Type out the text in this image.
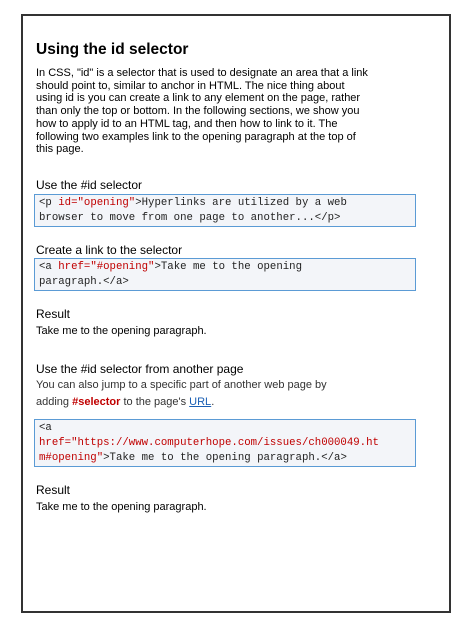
Using the id selector
In CSS, "id" is a selector that is used to designate an area that a link
should point to, similar to anchor in HTML. The nice thing about
using id is you can create a link to any element on the page, rather
than only the top or bottom. In the following sections, we show you
how to apply id to an HTML tag, and then how to link to it. The
following two examples link to the opening paragraph at the top of
this page.
Use the #id selector
<p id="opening">Hyperlinks are utilized by a web
browser to move from one page to another...</p>
Create a link to the selector
<a href="#opening">Take me to the opening
paragraph.</a>
Result

Take me to the opening paragraph.

Use the #id selector from another page

You can also jump to a specific part of another web page by

adding #selector to the page's URL.

<a
href="https://www.computerhope.com/issues/ch000049.ht
m#opening">Take me to the opening paragraph.</a>
Result

Take me to the opening paragraph.
